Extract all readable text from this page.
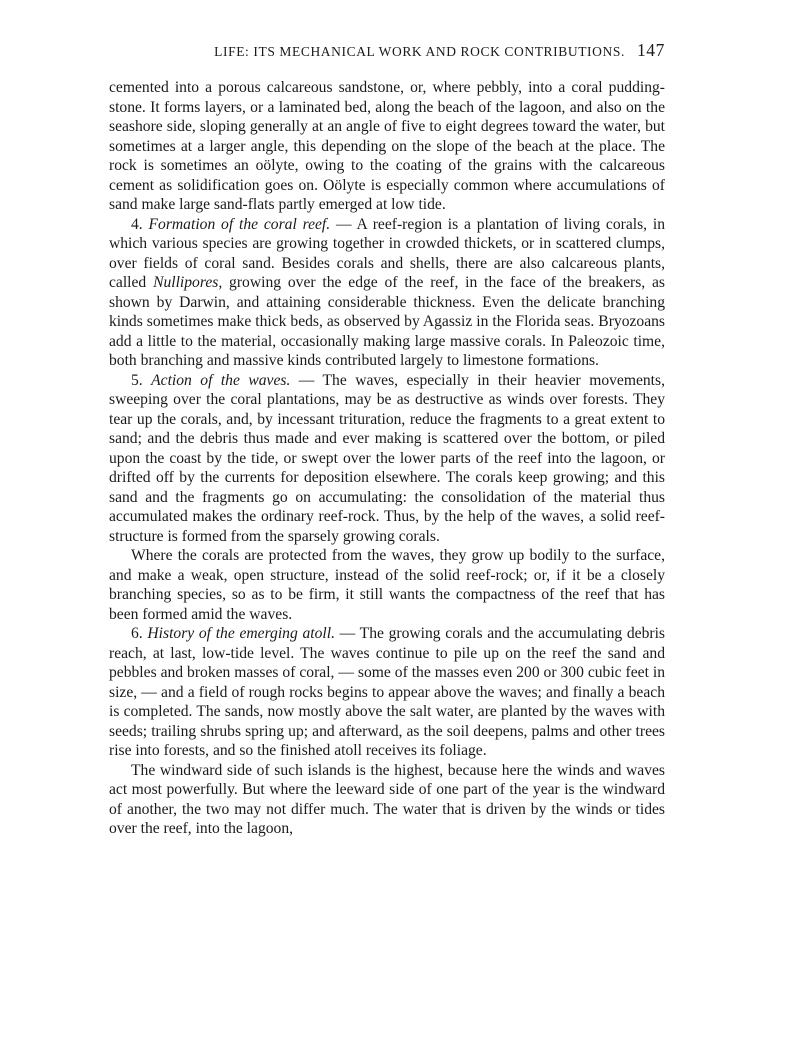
LIFE: ITS MECHANICAL WORK AND ROCK CONTRIBUTIONS. 147

cemented into a porous calcareous sandstone, or, where pebbly, into a coral pudding-stone. It forms layers, or a laminated bed, along the beach of the lagoon, and also on the seashore side, sloping generally at an angle of five to eight degrees toward the water, but sometimes at a larger angle, this depending on the slope of the beach at the place. The rock is sometimes an oölyte, owing to the coating of the grains with the calcareous cement as solidification goes on. Oölyte is especially common where accumulations of sand make large sand-flats partly emerged at low tide.

4. Formation of the coral reef. — A reef-region is a plantation of living corals, in which various species are growing together in crowded thickets, or in scattered clumps, over fields of coral sand. Besides corals and shells, there are also calcareous plants, called Nullipores, growing over the edge of the reef, in the face of the breakers, as shown by Darwin, and attaining considerable thickness. Even the delicate branching kinds sometimes make thick beds, as observed by Agassiz in the Florida seas. Bryozoans add a little to the material, occasionally making large massive corals. In Paleozoic time, both branching and massive kinds contributed largely to limestone formations.

5. Action of the waves. — The waves, especially in their heavier movements, sweeping over the coral plantations, may be as destructive as winds over forests. They tear up the corals, and, by incessant trituration, reduce the fragments to a great extent to sand; and the debris thus made and ever making is scattered over the bottom, or piled upon the coast by the tide, or swept over the lower parts of the reef into the lagoon, or drifted off by the currents for deposition elsewhere. The corals keep growing; and this sand and the fragments go on accumulating: the consolidation of the material thus accumulated makes the ordinary reef-rock. Thus, by the help of the waves, a solid reef-structure is formed from the sparsely growing corals.

Where the corals are protected from the waves, they grow up bodily to the surface, and make a weak, open structure, instead of the solid reef-rock; or, if it be a closely branching species, so as to be firm, it still wants the compactness of the reef that has been formed amid the waves.

6. History of the emerging atoll. — The growing corals and the accumulating debris reach, at last, low-tide level. The waves continue to pile up on the reef the sand and pebbles and broken masses of coral, — some of the masses even 200 or 300 cubic feet in size, — and a field of rough rocks begins to appear above the waves; and finally a beach is completed. The sands, now mostly above the salt water, are planted by the waves with seeds; trailing shrubs spring up; and afterward, as the soil deepens, palms and other trees rise into forests, and so the finished atoll receives its foliage.

The windward side of such islands is the highest, because here the winds and waves act most powerfully. But where the leeward side of one part of the year is the windward of another, the two may not differ much. The water that is driven by the winds or tides over the reef, into the lagoon,
